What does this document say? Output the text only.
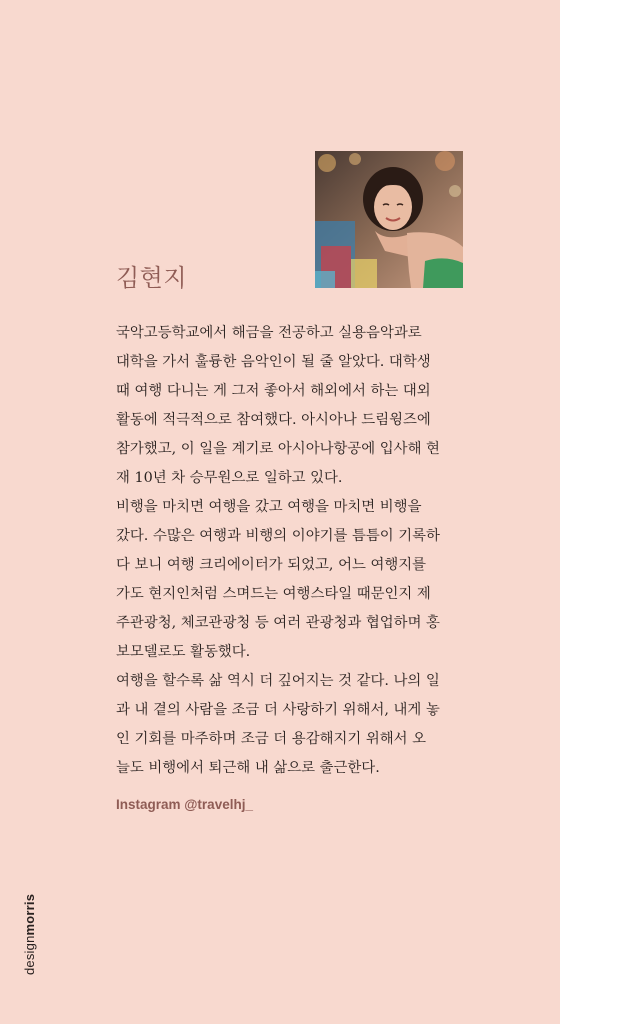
김현지

국악고등학교에서 해금을 전공하고 실용음악과로

대학을 가서 훌륭한 음악인이 될 줄 알았다. 대학생

때 여행 다니는 게 그저 좋아서 해외에서 하는 대외

활동에 적극적으로 참여했다. 아시아나 드림윙즈에

참가했고, 이 일을 계기로 아시아나항공에 입사해 현

재 10년 차 승무원으로 일하고 있다.

비행을 마치면 여행을 갔고 여행을 마치면 비행을

갔다. 수많은 여행과 비행의 이야기를 틈틈이 기록하

다 보니 여행 크리에이터가 되었고, 어느 여행지를

가도 현지인처럼 스며드는 여행스타일 때문인지 제

주관광청, 체코관광청 등 여러 관광청과 협업하며 홍

보모델로도 활동했다.

여행을 할수록 삶 역시 더 깊어지는 것 같다. 나의 일

과 내 곁의 사람을 조금 더 사랑하기 위해서, 내게 놓

인 기회를 마주하며 조금 더 용감해지기 위해서 오

늘도 비행에서 퇴근해 내 삶으로 출근한다.

Instagram @travelhj_
designmorris
